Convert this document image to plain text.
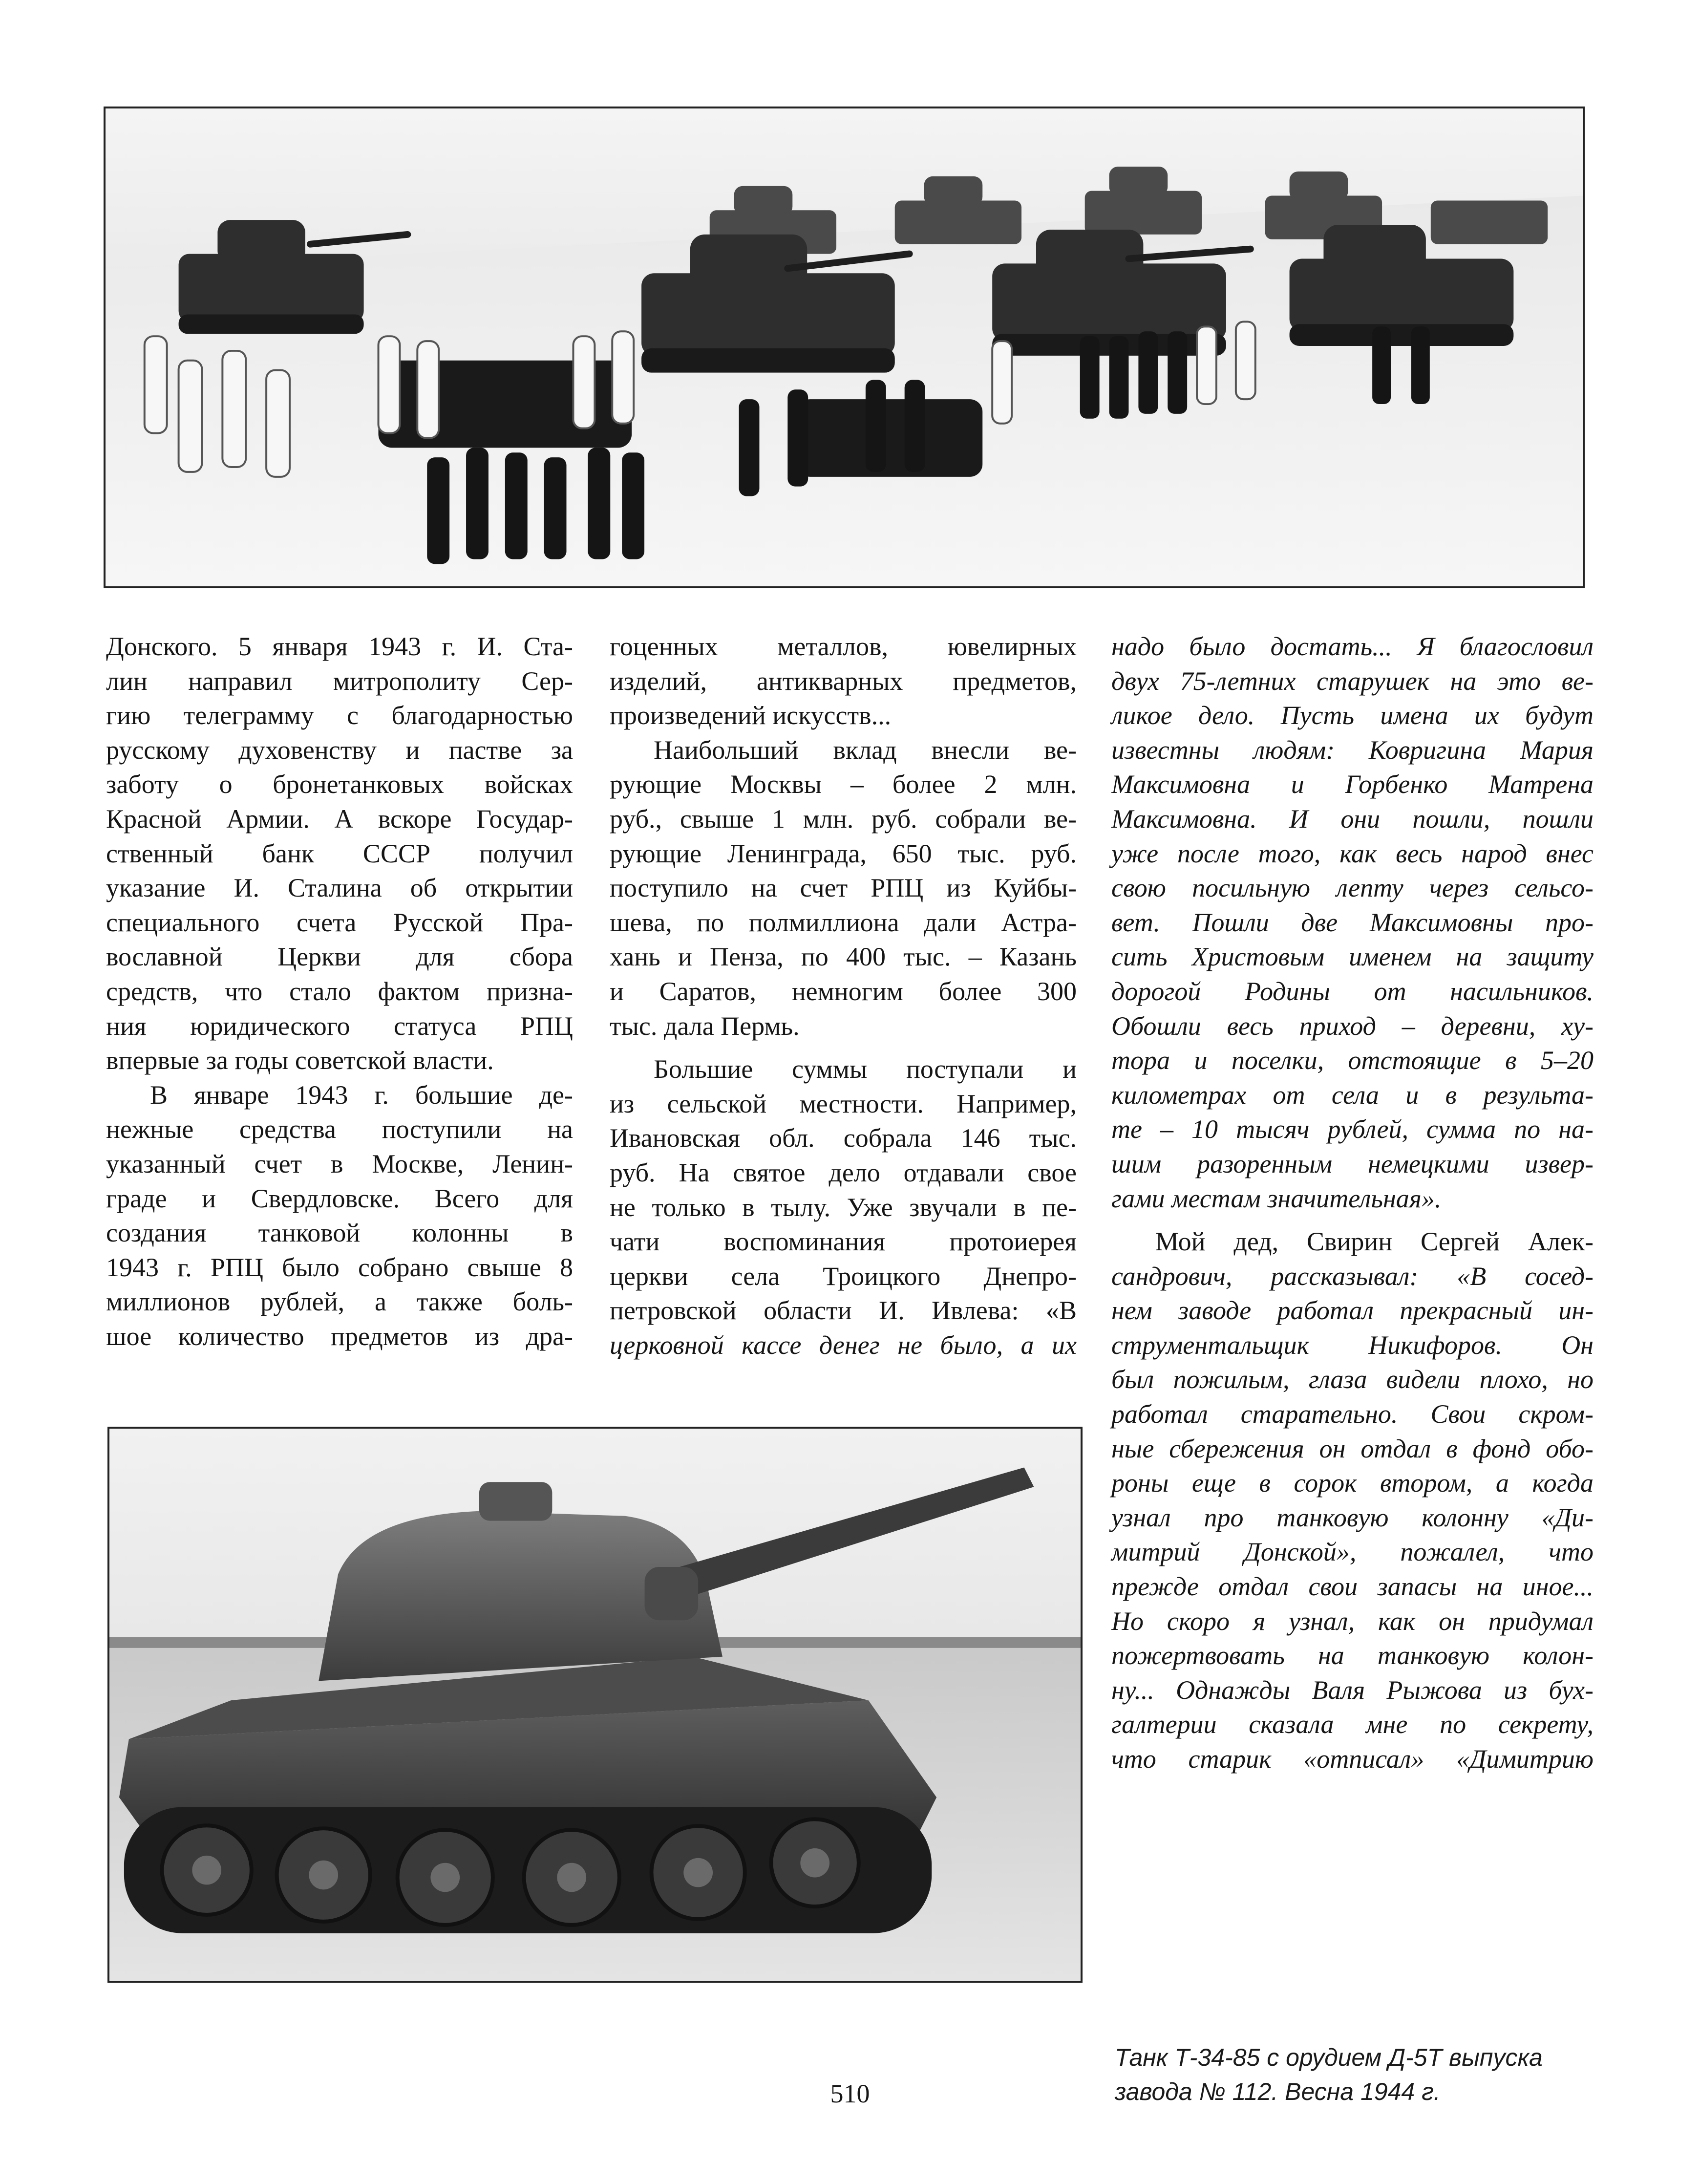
Донского. 5 января 1943 г. И. Ста-
лин направил митрополиту Сер-
гию телеграмму с благодарностью
русскому духовенству и пастве за
заботу о бронетанковых войсках
Красной Армии. А вскоре Государ-
ственный банк СССР получил
указание И. Сталина об открытии
специального счета Русской Пра-
вославной Церкви для сбора
средств, что стало фактом призна-
ния юридического статуса РПЦ
впервые за годы советской власти.
В январе 1943 г. большие де-
нежные средства поступили на
указанный счет в Москве, Ленин-
граде и Свердловске. Всего для
создания танковой колонны в
1943 г. РПЦ было собрано свыше 8
миллионов рублей, а также боль-
шое количество предметов из дра-
гоценных металлов, ювелирных
изделий, антикварных предметов,
произведений искусств...
Наибольший вклад внесли ве-
рующие Москвы – более 2 млн.
руб., свыше 1 млн. руб. собрали ве-
рующие Ленинграда, 650 тыс. руб.
поступило на счет РПЦ из Куйбы-
шева, по полмиллиона дали Астра-
хань и Пенза, по 400 тыс. – Казань
и Саратов, немногим более 300
тыс. дала Пермь.
Большие суммы поступали и
из сельской местности. Например,
Ивановская обл. собрала 146 тыс.
руб. На святое дело отдавали свое
не только в тылу. Уже звучали в пе-
чати воспоминания протоиерея
церкви села Троицкого Днепро-
петровской области И. Ивлева: «В
церковной кассе денег не было, а их
надо было достать... Я благословил
двух 75-летних старушек на это ве-
ликое дело. Пусть имена их будут
известны людям: Ковригина Мария
Максимовна и Горбенко Матрена
Максимовна. И они пошли, пошли
уже после того, как весь народ внес
свою посильную лепту через сельсо-
вет. Пошли две Максимовны про-
сить Христовым именем на защиту
дорогой Родины от насильников.
Обошли весь приход – деревни, ху-
тора и поселки, отстоящие в 5–20
километрах от села и в результа-
те – 10 тысяч рублей, сумма по на-
шим разоренным немецкими извер-
гами местам значительная».
Мой дед, Свирин Сергей Алек-
сандрович, рассказывал: «В сосед-
нем заводе работал прекрасный ин-
струментальщик Никифоров. Он
был пожилым, глаза видели плохо, но
работал старательно. Свои скром-
ные сбережения он отдал в фонд обо-
роны еще в сорок втором, а когда
узнал про танковую колонну «Ди-
митрий Донской», пожалел, что
прежде отдал свои запасы на иное...
Но скоро я узнал, как он придумал
пожертвовать на танковую колон-
ну... Однажды Валя Рыжова из бух-
галтерии сказала мне по секрету,
что старик «отписал» «Димитрию
Танк Т-34-85 с орудием Д-5Т выпуска
завода № 112. Весна 1944 г.
510
